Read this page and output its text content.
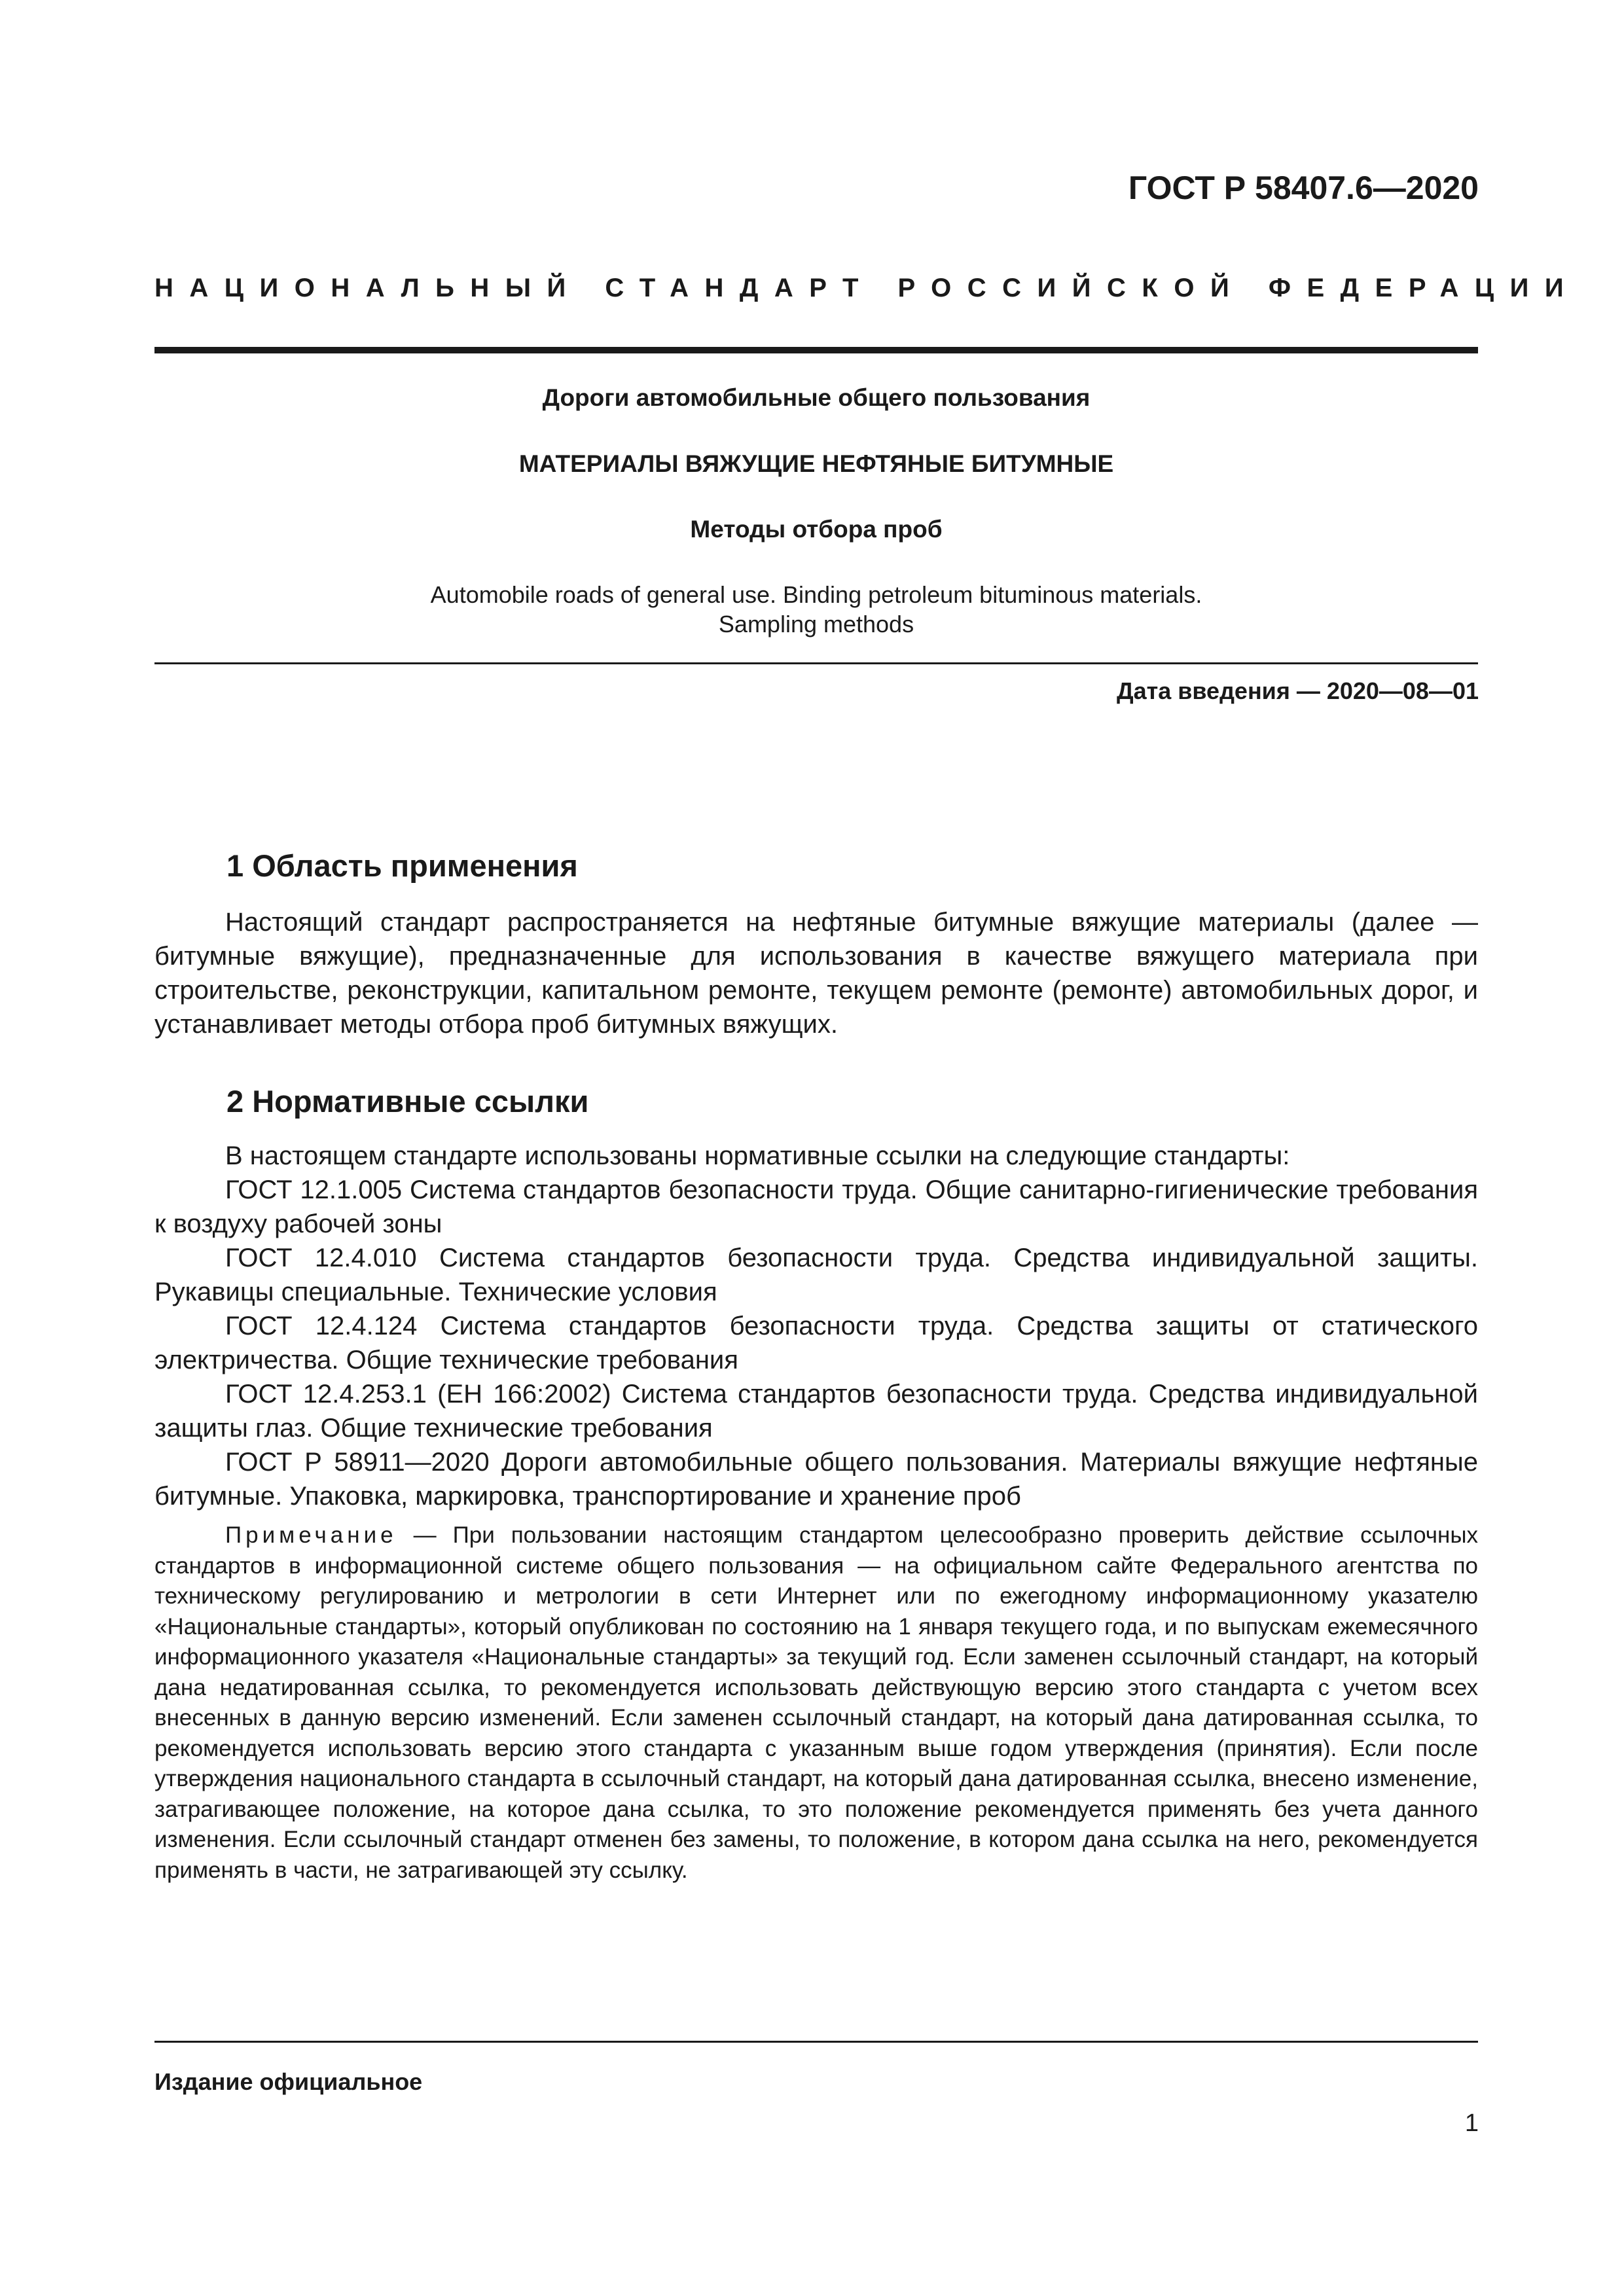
ГОСТ Р 58407.6—2020
НАЦИОНАЛЬНЫЙ СТАНДАРТ РОССИЙСКОЙ ФЕДЕРАЦИИ
Дороги автомобильные общего пользования
МАТЕРИАЛЫ ВЯЖУЩИЕ НЕФТЯНЫЕ БИТУМНЫЕ
Методы отбора проб
Automobile roads of general use. Binding petroleum bituminous materials.
Sampling methods
Дата введения — 2020—08—01
1 Область применения

Настоящий стандарт распространяется на нефтяные битумные вяжущие материалы (далее — битумные вяжущие), предназначенные для использования в качестве вяжущего материала при строительстве, реконструкции, капитальном ремонте, текущем ремонте (ремонте) автомобильных дорог, и устанавливает методы отбора проб битумных вяжущих.

2 Нормативные ссылки

В настоящем стандарте использованы нормативные ссылки на следующие стандарты:

ГОСТ 12.1.005 Система стандартов безопасности труда. Общие санитарно-гигиенические требования к воздуху рабочей зоны

ГОСТ 12.4.010 Система стандартов безопасности труда. Средства индивидуальной защиты. Рукавицы специальные. Технические условия

ГОСТ 12.4.124 Система стандартов безопасности труда. Средства защиты от статического электричества. Общие технические требования

ГОСТ 12.4.253.1 (ЕН 166:2002) Система стандартов безопасности труда. Средства индивидуальной защиты глаз. Общие технические требования

ГОСТ Р 58911—2020 Дороги автомобильные общего пользования. Материалы вяжущие нефтяные битумные. Упаковка, маркировка, транспортирование и хранение проб

Примечание — При пользовании настоящим стандартом целесообразно проверить действие ссылочных стандартов в информационной системе общего пользования — на официальном сайте Федерального агентства по техническому регулированию и метрологии в сети Интернет или по ежегодному информационному указателю «Национальные стандарты», который опубликован по состоянию на 1 января текущего года, и по выпускам ежемесячного информационного указателя «Национальные стандарты» за текущий год. Если заменен ссылочный стандарт, на который дана недатированная ссылка, то рекомендуется использовать действующую версию этого стандарта с учетом всех внесенных в данную версию изменений. Если заменен ссылочный стандарт, на который дана датированная ссылка, то рекомендуется использовать версию этого стандарта с указанным выше годом утверждения (принятия). Если после утверждения национального стандарта в ссылочный стандарт, на который дана датированная ссылка, внесено изменение, затрагивающее положение, на которое дана ссылка, то это положение рекомендуется применять без учета данного изменения. Если ссылочный стандарт отменен без замены, то положение, в котором дана ссылка на него, рекомендуется применять в части, не затрагивающей эту ссылку.

Издание официальное
1
